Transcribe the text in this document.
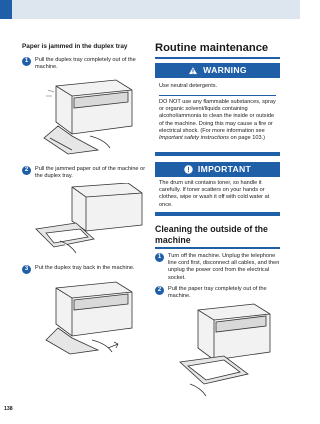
Paper is jammed in the duplex tray
1	Pull the duplex tray completely out of the machine.
2	Pull the jammed paper out of the machine or the duplex tray.
3	Put the duplex tray back in the machine.
Routine maintenance
WARNING
Use neutral detergents.
DO NOT use any flammable substances, spray or organic solvent/liquids containing alcohol/ammonia to clean the inside or outside of the machine. Doing this may cause a fire or electrical shock. (For more information see Important safety instructions on page 103.)
IMPORTANT
The drum unit contains toner, so handle it carefully. If toner scatters on your hands or clothes, wipe or wash it off with cold water at once.
Cleaning the outside of the machine
1	Turn off the machine. Unplug the telephone line cord first, disconnect all cables, and then unplug the power cord from the electrical socket.
2	Pull the paper tray completely out of the machine.
138
